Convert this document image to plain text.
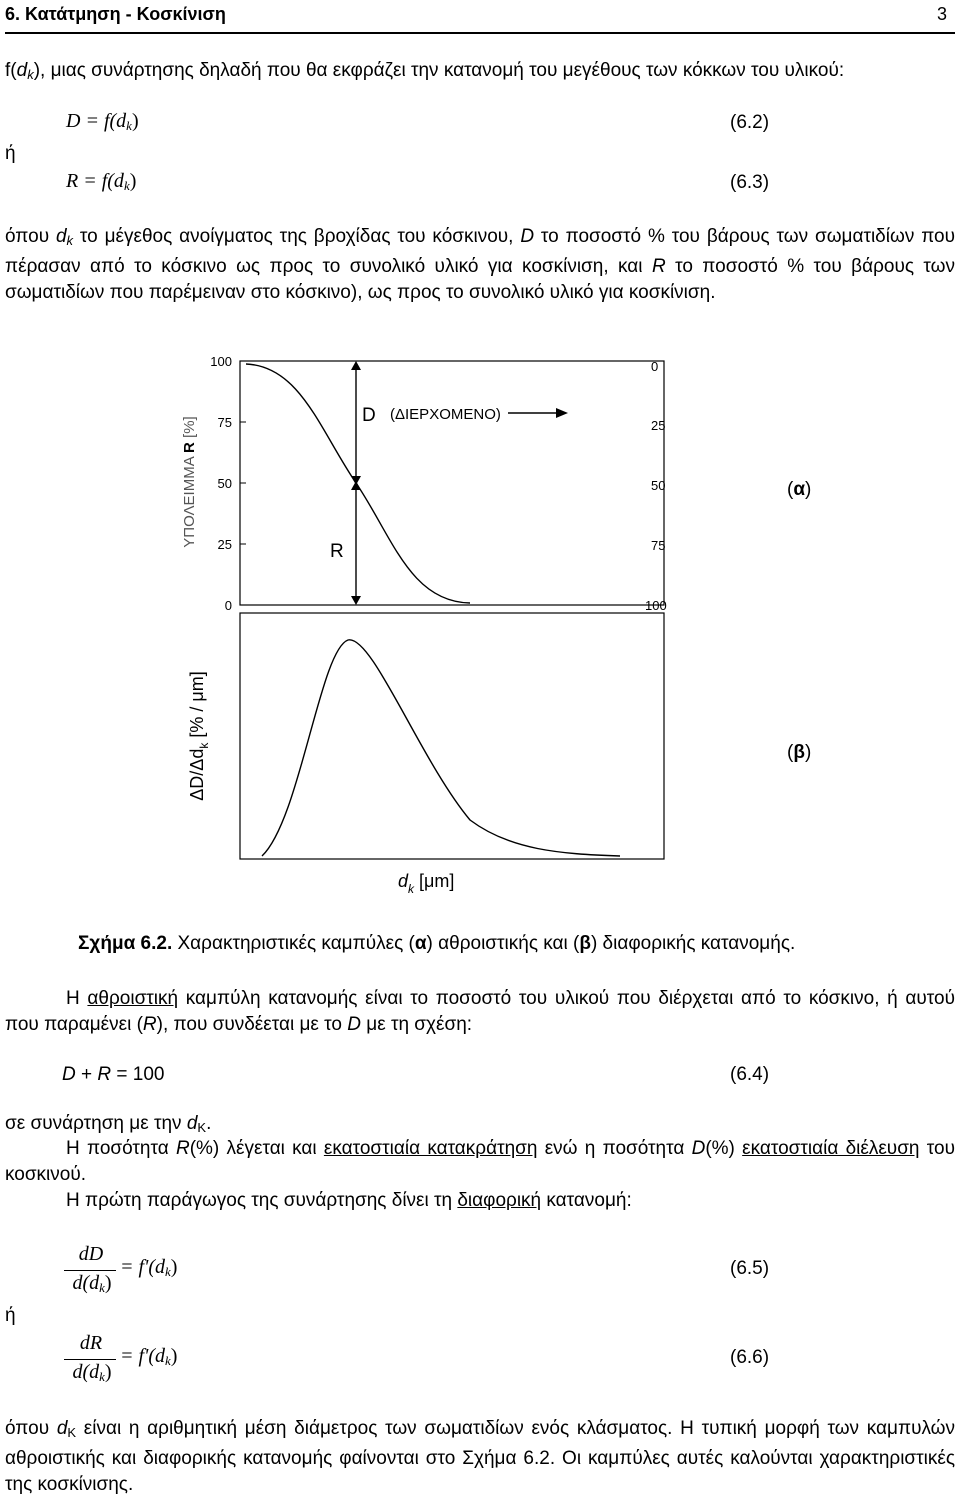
6. Κατάτμηση - Κοσκίνιση	3
$f(d_k)$, μιας συνάρτησης δηλαδή που θα εκφράζει την κατανομή του μεγέθους των κόκκων του υλικού:
$D = f(d_k)$	(6.2)
ή
$R = f(d_k)$	(6.3)
όπου $d_k$ το μέγεθος ανοίγματος της βροχίδας του κόσκινου, D το ποσοστό % του βάρους των σωματιδίων που πέρασαν από το κόσκινο ως προς το συνολικό υλικό για κοσκίνιση, και R το ποσοστό % του βάρους των σωματιδίων που παρέμειναν στο κόσκινο), ως προς το συνολικό υλικό για κοσκίνιση.
100
75
50
25
0
0
25
50
75
100
ΥΠΟΛΕΙΜΜΑ R [%]
D (ΔΙΕΡΧΟΜΕΝΟ)
R
(α)
$\Delta D/\Delta d_k$ [% / μm]
(β)
$d_k$ [μm]
Σχήμα 6.2. Χαρακτηριστικές καμπύλες (α) αθροιστικής και (β) διαφορικής κατανομής.
Η αθροιστική καμπύλη κατανομής είναι το ποσοστό του υλικού που διέρχεται από το κόσκινο, ή αυτού που παραμένει (R), που συνδέεται με το D με τη σχέση:
D + R = 100	(6.4)
σε συνάρτηση με την $d_K$.
Η ποσότητα R(%) λέγεται και εκατοστιαία κατακράτηση ενώ η ποσότητα D(%) εκατοστιαία διέλευση του κοσκινού.
Η πρώτη παράγωγος της συνάρτησης δίνει τη διαφορική κατανομή:
dD
$d(d_k)$
= $f'(d_k)$	(6.5)
ή
dR
$d(d_k)$
= $f'(d_k)$	(6.6)
όπου $d_K$ είναι η αριθμητική μέση διάμετρος των σωματιδίων ενός κλάσματος. Η τυπική μορφή των καμπυλών αθροιστικής και διαφορικής κατανομής φαίνονται στο Σχήμα 6.2. Οι καμπύλες αυτές καλούνται χαρακτηριστικές της κοσκίνισης.
